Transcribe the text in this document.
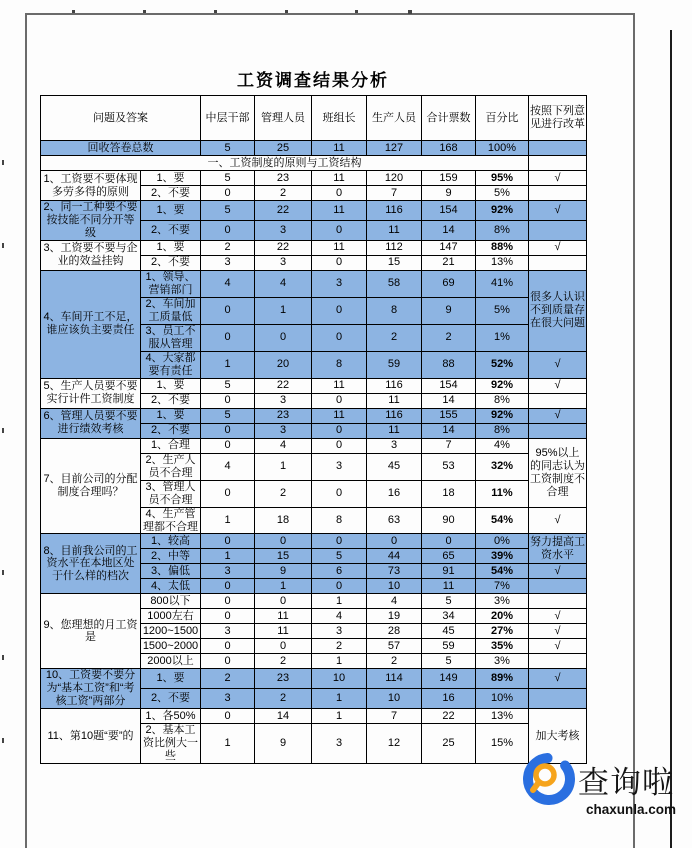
工资调查结果分析
问题及答案		中层干部	管理人员	班组长	生产人员	合计票数	百分比	按照下列意见进行改革
回收答卷总数		5	25	11	127	168	100%	
一、工资制度的原则与工资结构								
1、工资要不要体现多劳多得的原则	1、要	5	23	11	120	159	95%	√
	2、不要	0	2	0	7	9	5%	
2、同一工种要不要按技能不同分开等级	1、要	5	22	11	116	154	92%	√
	2、不要	0	3	0	11	14	8%	
3、工资要不要与企业的效益挂钩	1、要	2	22	11	112	147	88%	√
	2、不要	3	3	0	15	21	13%	
4、车间开工不足，谁应该负主要责任	1、领导、营销部门	4	4	3	58	69	41%	很多人认识不到质量存在很大问题
	2、车间加工质量低	0	1	0	8	9	5%	
	3、员工不服从管理	0	0	0	2	2	1%	
	4、大家都要有责任	1	20	8	59	88	52%	√
5、生产人员要不要实行计件工资制度	1、要	5	22	11	116	154	92%	√
	2、不要	0	3	0	11	14	8%	
6、管理人员要不要进行绩效考核	1、要	5	23	11	116	155	92%	√
	2、不要	0	3	0	11	14	8%	
7、目前公司的分配制度合理吗？	1、合理	0	4	0	3	7	4%	95%以上的同志认为工资制度不合理
	2、生产人员不合理	4	1	3	45	53	32%	
	3、管理人员不合理	0	2	0	16	18	11%	
	4、生产管理都不合理	1	18	8	63	90	54%	√
8、目前我公司的工资水平在本地区处于什么样的档次	1、较高	0	0	0	0	0	0%	努力提高工资水平
	2、中等	1	15	5	44	65	39%	
	3、偏低	3	9	6	73	91	54%	√
	4、太低	0	1	0	10	11	7%	
9、您理想的月工资是	800以下	0	0	1	4	5	3%	
	1000左右	0	11	4	19	34	20%	√
	1200~1500	3	11	3	28	45	27%	√
	1500~2000	0	0	2	57	59	35%	√
	2000以上	0	2	1	2	5	3%	
10、工资要不要分为“基本工资”和“考核工资”两部分	1、要	2	23	10	114	149	89%	√
	2、不要	3	2	1	10	16	10%	
11、第10题“要”的	1、各50%	0	14	1	7	22	13%	加大考核
	2、基本工资比例大一些	1	9	3	12	25	15%	
查询啦
chaxunla.com
